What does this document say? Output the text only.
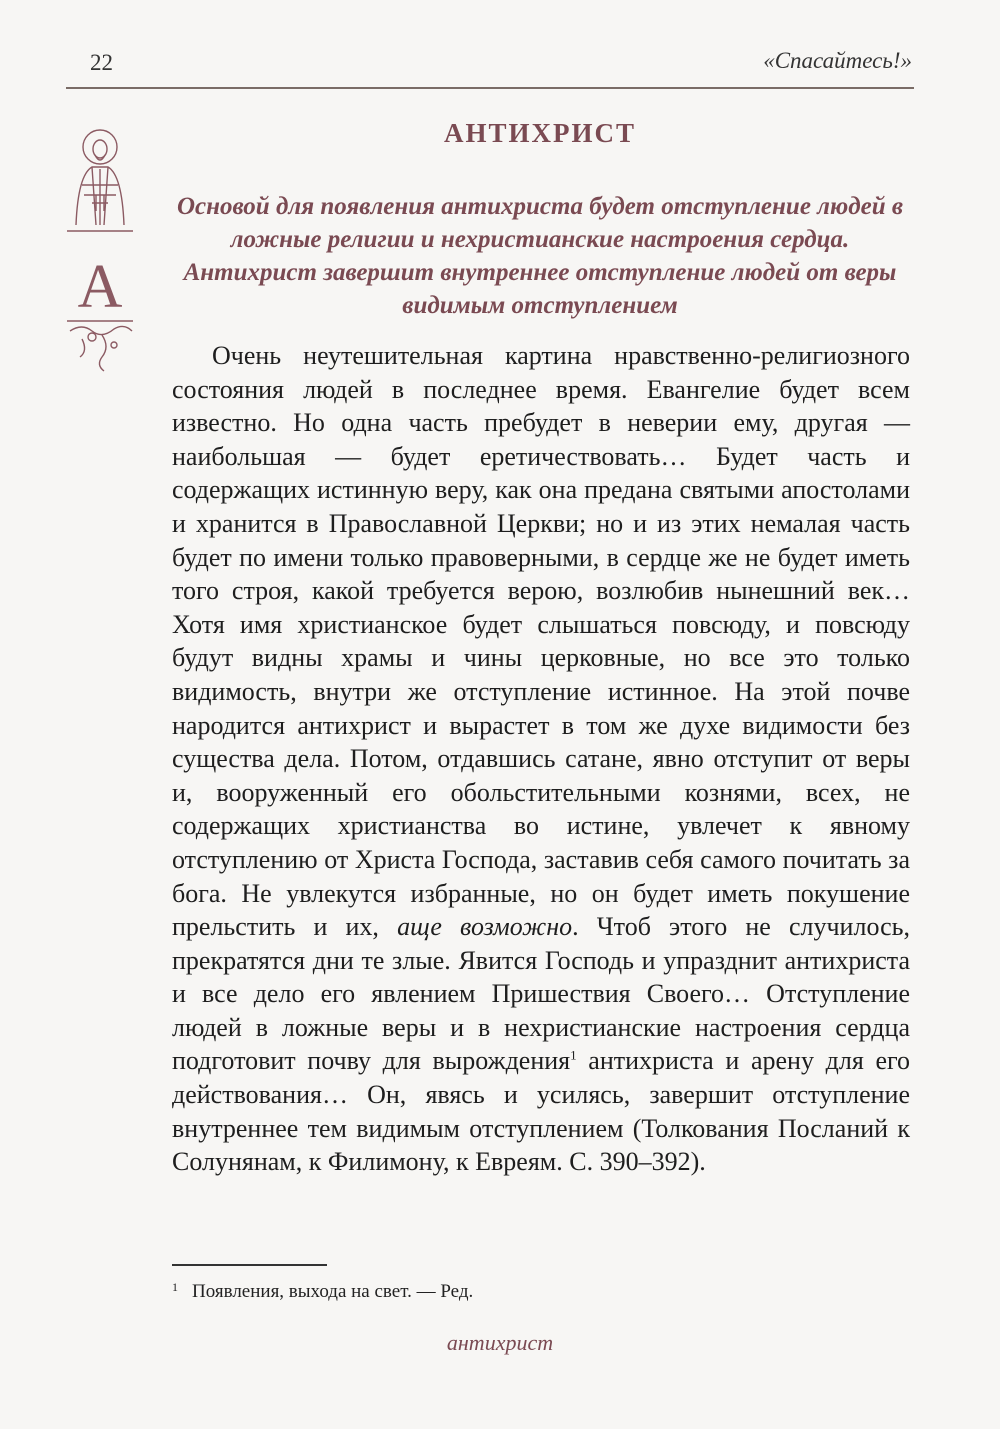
22	«Спасайтесь!»
А
АНТИХРИСТ

Основой для появления антихриста будет отступление людей в ложные религии и нехристианские настроения сердца. Антихрист завершит внутреннее отступление людей от веры видимым отступлением

Очень неутешительная картина нравственно-религиозного состояния людей в последнее время. Евангелие будет всем известно. Но одна часть пребудет в неверии ему, другая — наибольшая — будет еретичествовать… Будет часть и содержащих истинную веру, как она предана святыми апостолами и хранится в Православной Церкви; но и из этих немалая часть будет по имени только правоверными, в сердце же не будет иметь того строя, какой требуется верою, возлюбив нынешний век… Хотя имя христианское будет слышаться повсюду, и повсюду будут видны храмы и чины церковные, но все это только видимость, внутри же отступление истинное. На этой почве народится антихрист и вырастет в том же духе видимости без существа дела. Потом, отдавшись сатане, явно отступит от веры и, вооруженный его обольстительными кознями, всех, не содержащих христианства во истине, увлечет к явному отступлению от Христа Господа, заставив себя самого почитать за бога. Не увлекутся избранные, но он будет иметь покушение прельстить и их, аще возможно. Чтоб этого не случилось, прекратятся дни те злые. Явится Господь и упразднит антихриста и все дело его явлением Пришествия Своего… Отступление людей в ложные веры и в нехристианские настроения сердца подготовит почву для вырождения$^1$ антихриста и арену для его действования… Он, явясь и усилясь, завершит отступление внутреннее тем видимым отступлением (Толкования Посланий к Солунянам, к Филимону, к Евреям. С. 390–392).

$^1$ Появления, выхода на свет. — Ред.
антихрист
